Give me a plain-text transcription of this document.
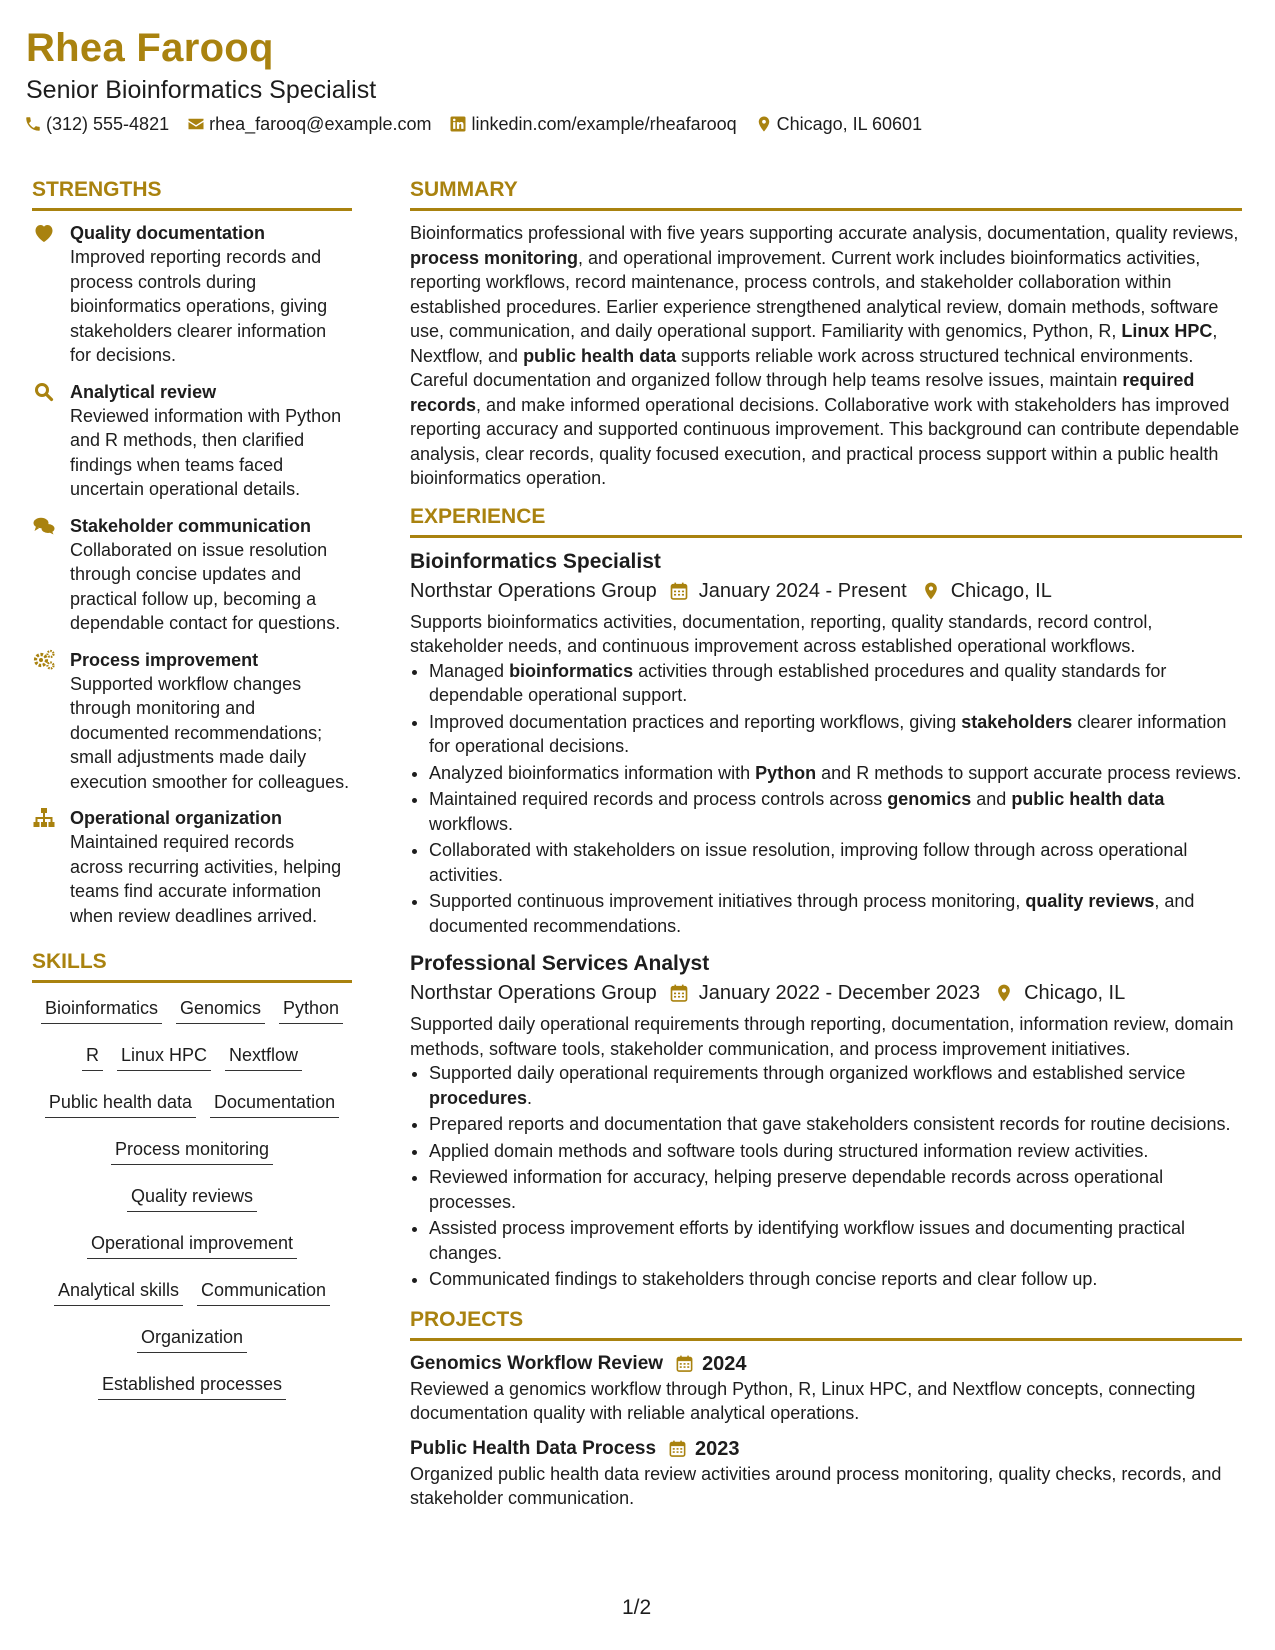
Rhea Farooq
Senior Bioinformatics Specialist
(312) 555-4821 rhea_farooq@example.com linkedin.com/example/rheafarooq Chicago, IL 60601
STRENGTHS
Quality documentation
Improved reporting records and process controls during bioinformatics operations, giving stakeholders clearer information for decisions.
Analytical review
Reviewed information with Python and R methods, then clarified findings when teams faced uncertain operational details.
Stakeholder communication
Collaborated on issue resolution through concise updates and practical follow up, becoming a dependable contact for questions.
Process improvement
Supported workflow changes through monitoring and documented recommendations; small adjustments made daily execution smoother for colleagues.
Operational organization
Maintained required records across recurring activities, helping teams find accurate information when review deadlines arrived.
SKILLS
Bioinformatics Genomics Python
R Linux HPC Nextflow
Public health data Documentation
Process monitoring
Quality reviews
Operational improvement
Analytical skills Communication
Organization
Established processes
SUMMARY

Bioinformatics professional with five years supporting accurate analysis, documentation, quality reviews, process monitoring, and operational improvement. Current work includes bioinformatics activities, reporting workflows, record maintenance, process controls, and stakeholder collaboration within established procedures. Earlier experience strengthened analytical review, domain methods, software use, communication, and daily operational support. Familiarity with genomics, Python, R, Linux HPC, Nextflow, and public health data supports reliable work across structured technical environments. Careful documentation and organized follow through help teams resolve issues, maintain required records, and make informed operational decisions. Collaborative work with stakeholders has improved reporting accuracy and supported continuous improvement. This background can contribute dependable analysis, clear records, quality focused execution, and practical process support within a public health bioinformatics operation.

EXPERIENCE
Bioinformatics Specialist
Northstar Operations Group January 2024 - Present Chicago, IL

Supports bioinformatics activities, documentation, reporting, quality standards, record control, stakeholder needs, and continuous improvement across established operational workflows.

• Managed bioinformatics activities through established procedures and quality standards for dependable operational support.
• Improved documentation practices and reporting workflows, giving stakeholders clearer information for operational decisions.
• Analyzed bioinformatics information with Python and R methods to support accurate process reviews.
• Maintained required records and process controls across genomics and public health data workflows.
• Collaborated with stakeholders on issue resolution, improving follow through across operational activities.
• Supported continuous improvement initiatives through process monitoring, quality reviews, and documented recommendations.
Professional Services Analyst
Northstar Operations Group January 2022 - December 2023 Chicago, IL

Supported daily operational requirements through reporting, documentation, information review, domain methods, software tools, stakeholder communication, and process improvement initiatives.

• Supported daily operational requirements through organized workflows and established service procedures.
• Prepared reports and documentation that gave stakeholders consistent records for routine decisions.
• Applied domain methods and software tools during structured information review activities.
• Reviewed information for accuracy, helping preserve dependable records across operational processes.
• Assisted process improvement efforts by identifying workflow issues and documenting practical changes.
• Communicated findings to stakeholders through concise reports and clear follow up.
PROJECTS
Genomics Workflow Review 2024

Reviewed a genomics workflow through Python, R, Linux HPC, and Nextflow concepts, connecting documentation quality with reliable analytical operations.

Public Health Data Process 2023

Organized public health data review activities around process monitoring, quality checks, records, and stakeholder communication.

1/2
